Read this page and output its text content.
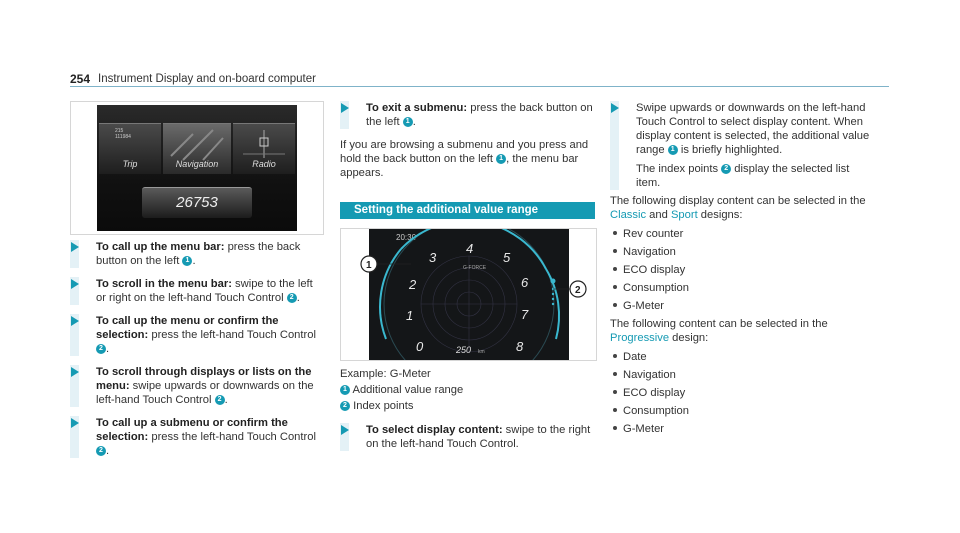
254 Instrument Display and on-board computer
215
111984
Trip	Navigation	Radio
26753
To call up the menu bar: press the back button on the left 1 .
To scroll in the menu bar: swipe to the left or right on the left-hand Touch Control 2 .
To call up the menu or confirm the selection: press the left-hand Touch Control 2 .
To scroll through displays or lists on the menu: swipe upwards or downwards on the left-hand Touch Control 2 .
To call up a submenu or confirm the selection: press the left-hand Touch Control 2 .
To exit a submenu: press the back button on the left 1 .

If you are browsing a submenu and you press and hold the back button on the left 1 , the menu bar appears.

Setting the additional value range
20:30
G-FORCE
1
2
3
4
5
6
7
8
0	250 km
1
2

Example: G-Meter

1 Additional value range
2 Index points
To select display content: swipe to the right on the left-hand Touch Control.

Swipe upwards or downwards on the left-hand Touch Control to select display content. When display content is selected, the additional value range 1 is briefly highlighted.

The index points 2 display the selected list item.

The following display content can be selected in the Classic and Sport designs:

Rev counter
Navigation
ECO display
Consumption
G-Meter

The following content can be selected in the Progressive design:

Date
Navigation
ECO display
Consumption
G-Meter
